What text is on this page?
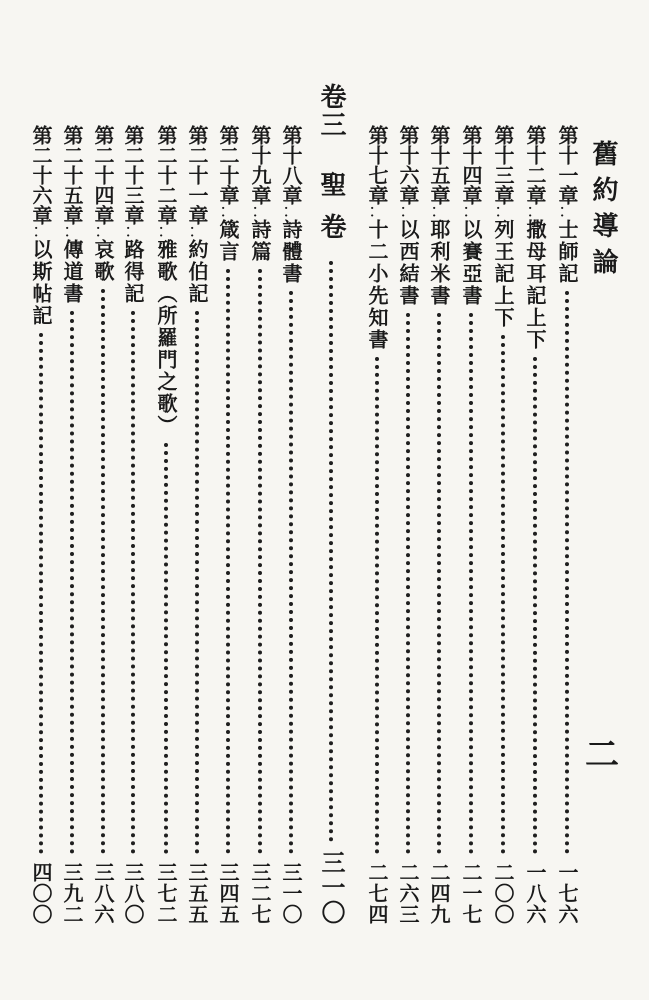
舊約導論
二
第十一章
：
士師記
一七六
第十二章
：
撒母耳記上下
一八六
第十三章
：
列王記上下
二〇〇
第十四章
：
以賽亞書
二一七
第十五章
：
耶利米書
二四九
第十六章
：
以西結書
二六三
第十七章
：
十二小先知書
二七四
卷三
聖卷
三一〇
第十八章
：
詩體書
三一〇
第十九章
：
詩篇
三二七
第二十章
：
箴言
三四五
第二十一章
：
約伯記
三五五
第二十二章
：
雅歌（所羅門之歌）
三七二
第二十三章
：
路得記
三八〇
第二十四章
：
哀歌
三八六
第二十五章
：
傳道書
三九二
第二十六章
：
以斯帖記
四〇〇
